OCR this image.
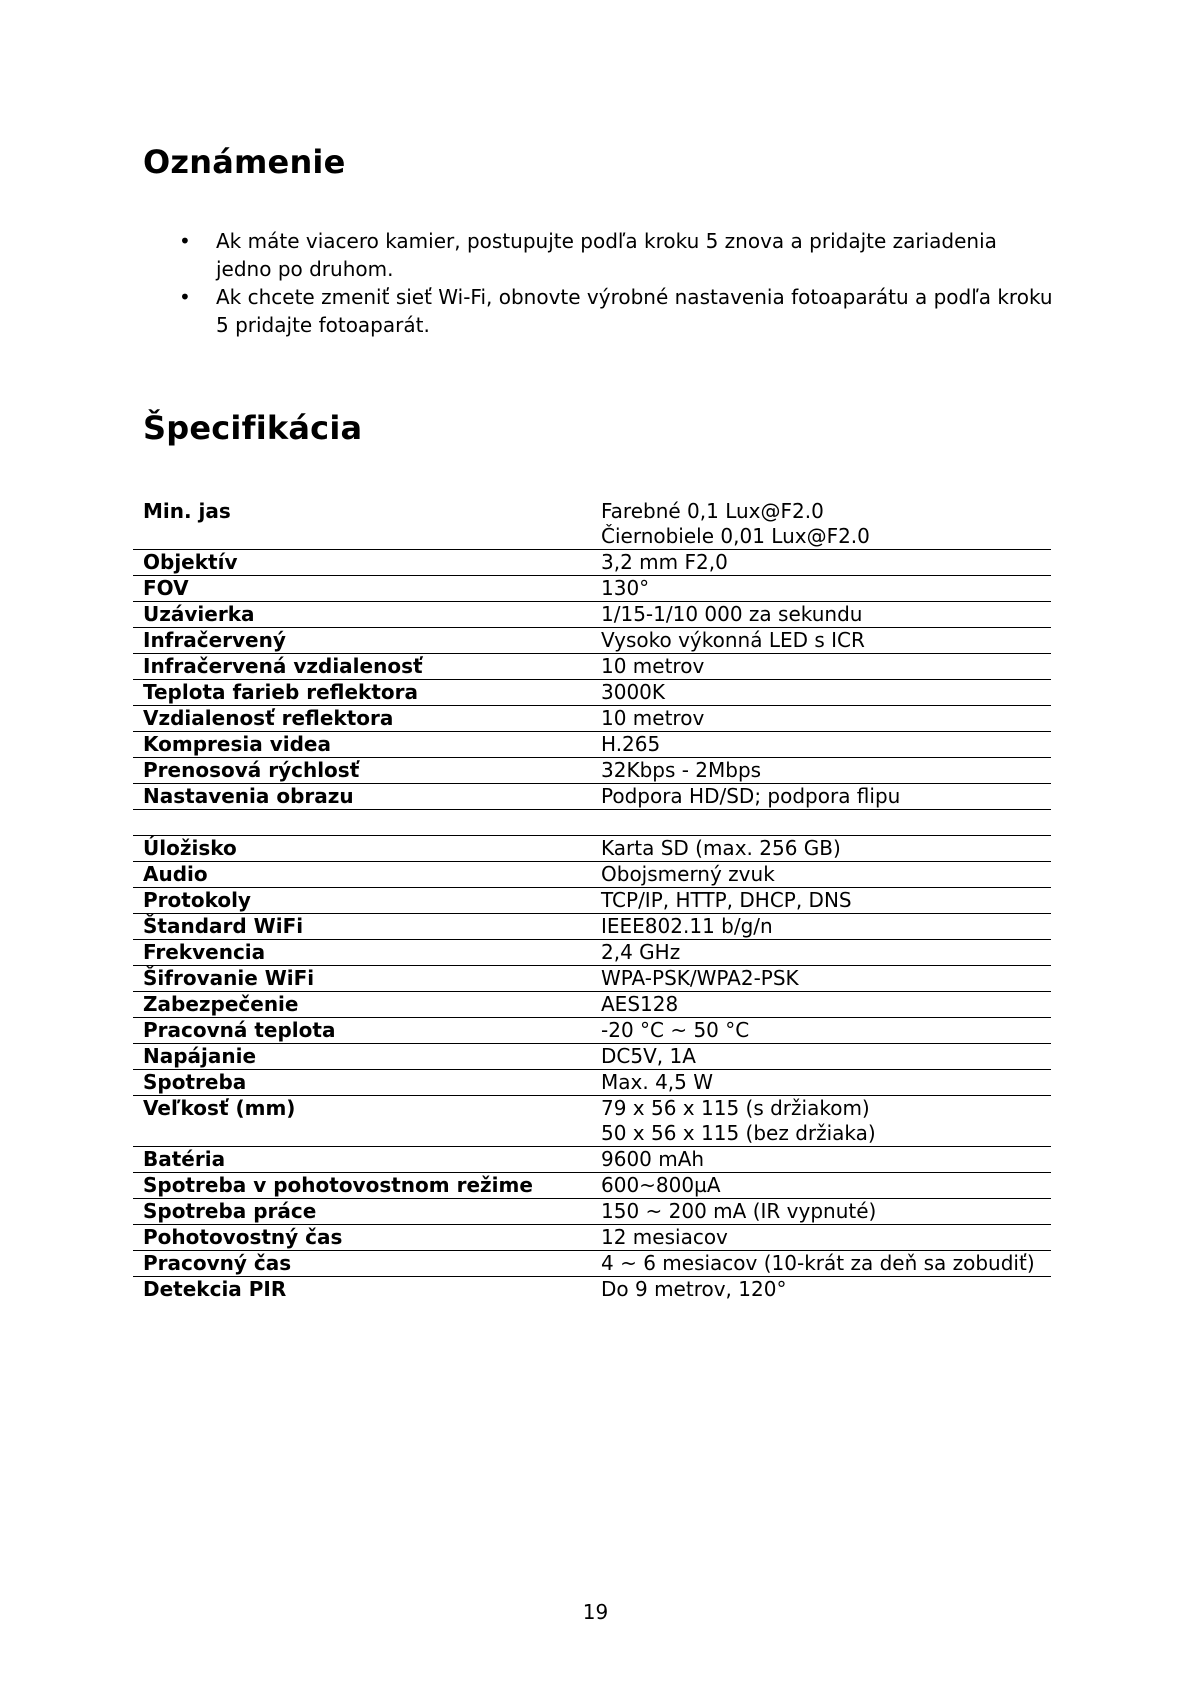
Oznámenie
• Ak máte viacero kamier, postupujte podľa kroku 5 znova a pridajte zariadenia
jedno po druhom.
• Ak chcete zmeniť sieť Wi-Fi, obnovte výrobné nastavenia fotoaparátu a podľa kroku
5 pridajte fotoaparát.
Špecifikácia
Min. jas	Farebné 0,1 Lux@F2.0
Čiernobiele 0,01 Lux@F2.0
Objektív	3,2 mm F2,0
FOV	130°
Uzávierka	1/15-1/10 000 za sekundu
Infračervený	Vysoko výkonná LED s ICR
Infračervená vzdialenosť	10 metrov
Teplota farieb reflektora	3000K
Vzdialenosť reflektora	10 metrov
Kompresia videa	H.265
Prenosová rýchlosť	32Kbps - 2Mbps
Nastavenia obrazu	Podpora HD/SD; podpora flipu

Úložisko	Karta SD (max. 256 GB)
Audio	Obojsmerný zvuk
Protokoly	TCP/IP, HTTP, DHCP, DNS
Štandard WiFi	IEEE802.11 b/g/n
Frekvencia	2,4 GHz
Šifrovanie WiFi	WPA-PSK/WPA2-PSK
Zabezpečenie	AES128
Pracovná teplota	-20 °C ~ 50 °C
Napájanie	DC5V, 1A
Spotreba	Max. 4,5 W
Veľkosť (mm)	79 x 56 x 115 (s držiakom)
50 x 56 x 115 (bez držiaka)
Batéria	9600 mAh
Spotreba v pohotovostnom režime	600~800µA
Spotreba práce	150 ~ 200 mA (IR vypnuté)
Pohotovostný čas	12 mesiacov
Pracovný čas	4 ~ 6 mesiacov (10-krát za deň sa zobudiť)
Detekcia PIR	Do 9 metrov, 120°
19
